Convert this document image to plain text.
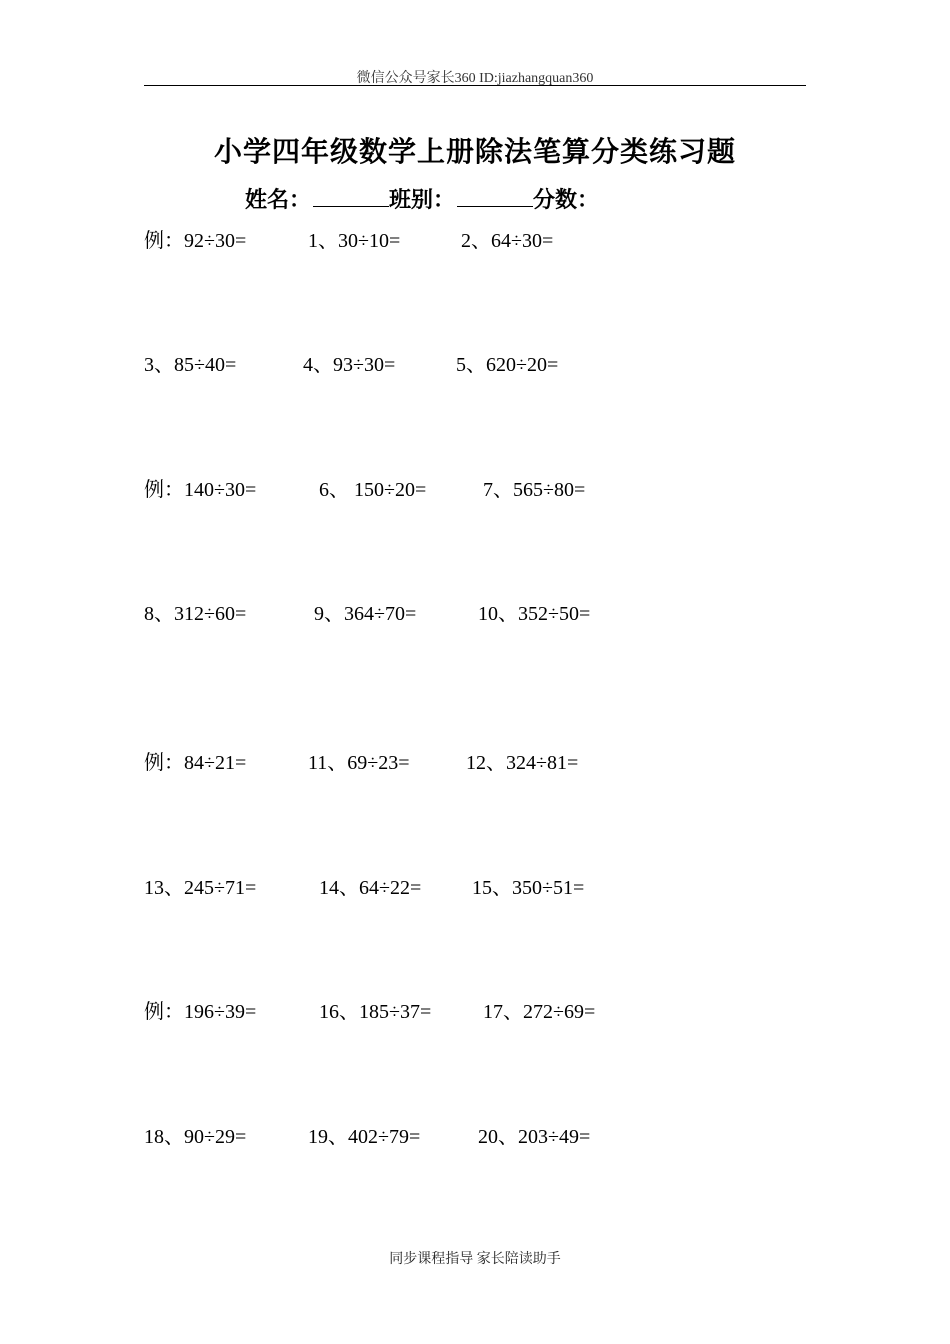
微信公众号家长360 ID:jiazhangquan360
小学四年级数学上册除法笔算分类练习题
姓名：	班别：	分数：
例：92÷30=	1、30÷10=	2、64÷30=
3、85÷40=	4、93÷30=	5、620÷20=
例：140÷30=	6、 150÷20=	7、565÷80=
8、312÷60=	9、364÷70=	10、352÷50=
例：84÷21=	11、69÷23=	12、324÷81=
13、245÷71=	14、64÷22=	15、350÷51=
例：196÷39=	16、185÷37=	17、272÷69=
18、90÷29=	19、402÷79=	20、203÷49=
同步课程指导 家长陪读助手
